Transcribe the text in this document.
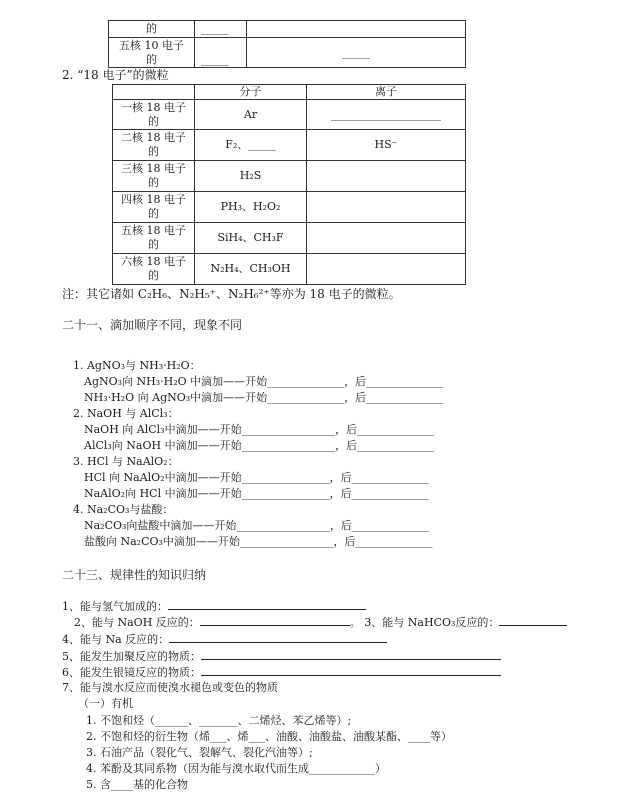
的	_____	
五核 10 电子的	_____	_____
2. “18 电子”的微粒
	分子	离子
一核 18 电子的	Ar	____________________
二核 18 电子的	F₂、_____	HS⁻
三核 18 电子的	H₂S	
四核 18 电子的	PH₃、H₂O₂	
五核 18 电子的	SiH₄、CH₃F	
六核 18 电子的	N₂H₄、CH₃OH	
注：其它诸如 C₂H₆、N₂H₅⁺、N₂H₆²⁺等亦为 18 电子的微粒。
二十一、滴加顺序不同，现象不同
1. AgNO₃与 NH₃·H₂O：
AgNO₃向 NH₃·H₂O 中滴加——开始______________，后______________
NH₃·H₂O 向 AgNO₃中滴加——开始______________，后______________
2. NaOH 与 AlCl₃：
NaOH 向 AlCl₃中滴加——开始_________________，后______________
AlCl₃向 NaOH 中滴加——开始_________________，后______________
3. HCl 与 NaAlO₂：
HCl 向 NaAlO₂中滴加——开始________________，后______________
NaAlO₂向 HCl 中滴加——开始________________，后______________
4. Na₂CO₃与盐酸：
Na₂CO₃向盐酸中滴加——开始_________________，后______________
盐酸向 Na₂CO₃中滴加——开始_________________，后______________
二十三、规律性的知识归纳
1、能与氢气加成的：
2、能与 NaOH 反应的：	。 3、能与 NaHCO₃反应的：
4、能与 Na 反应的：
5、能发生加聚反应的物质：
6、能发生银镜反应的物质：
7、能与溴水反应而使溴水褪色或变色的物质
（一）有机
1. 不饱和烃（______、_______、二烯烃、苯乙烯等）;
2. 不饱和烃的衍生物（烯___、烯___、油酸、油酸盐、油酸某酯、____等）
3. 石油产品（裂化气、裂解气、裂化汽油等）;
4. 苯酚及其同系物（因为能与溴水取代而生成____________）
5. 含____基的化合物
